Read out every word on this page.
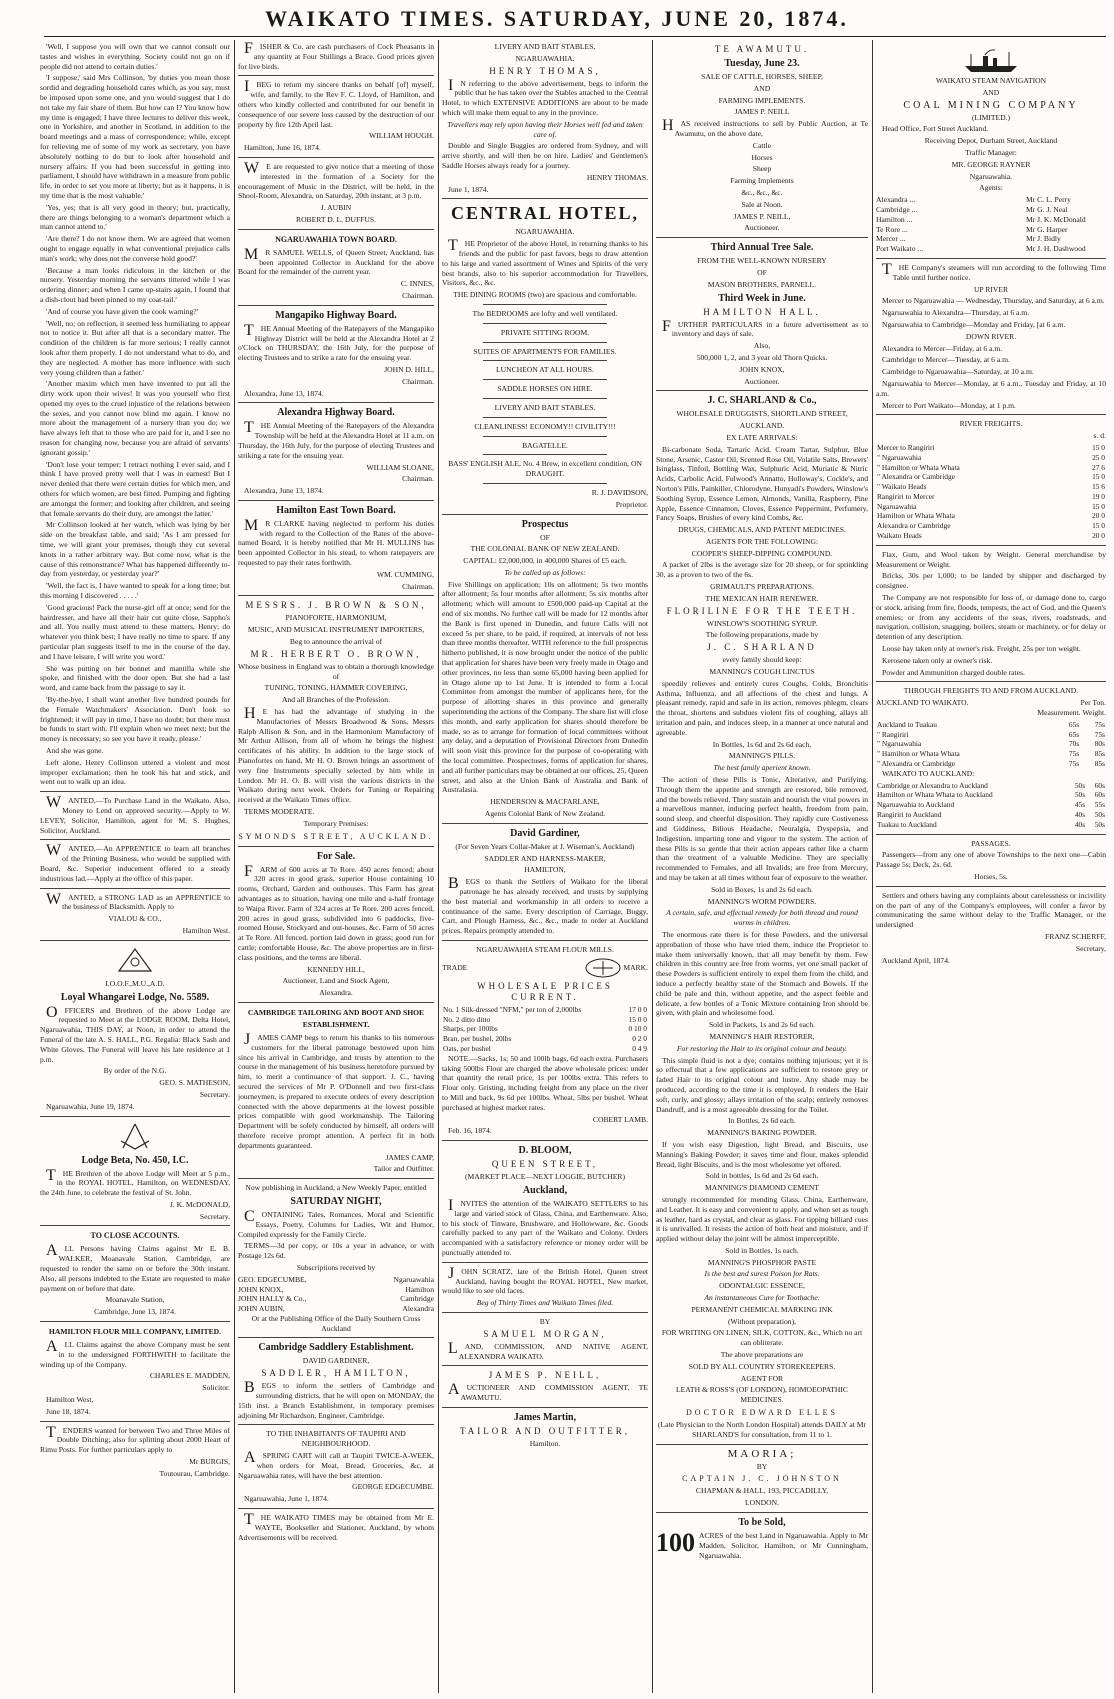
WAIKATO TIMES. SATURDAY, JUNE 20, 1874.

'Well, I suppose you will own that we cannot consult our tastes and wishes in everything. Society could not go on if people did not attend to certain duties.'

'I suppose,' said Mrs Collinson, 'by duties you mean those sordid and degrading household cares which, as you say, must be imposed upon some one, and you would suggest that I do not take my fair share of them. But how can I? You know how my time is engaged; I have three lectures to deliver this week, one in Yorkshire, and another in Scotland, in addition to the board meetings and a mass of correspondence; while, except for relieving me of some of my work as secretary, you have absolutely nothing to do but to look after household and nursery affairs. If you had been successful in getting into parliament, I should have withdrawn in a measure from public life, in order to set you more at liberty; but as it happens, it is my time that is the most valuable.'

'Yes, yes; that is all very good in theory; but, practically, there are things belonging to a woman's department which a man cannot attend to.'

'Are there? I do not know them. We are agreed that women ought to engage equally in what conventional prejudice calls man's work; why does not the converse hold good?'

'Because a man looks ridiculous in the kitchen or the nursery. Yesterday morning the servants tittered while I was ordering dinner; and when I came up-stairs again, I found that a dish-clout had been pinned to my coat-tail.'

'And of course you have given the cook warning?'

'Well, no; on reflection, it seemed less humiliating to appear not to notice it. But after all that is a secondary matter. The condition of the children is far more serious; I really cannot look after them properly. I do not understand what to do, and they are neglected. A mother has more influence with such very young children than a father.'

'Another maxim which men have invented to put all the dirty work upon their wives! It was you yourself who first opened my eyes to the cruel injustice of the relations between the sexes, and you cannot now blind me again. I know no more about the management of a nursery than you do; we have always left that to those who are paid for it, and I see no reason for changing now, because you are afraid of servants' ignorant gossip.'

'Don't lose your temper; I retract nothing I ever said, and I think I have proved pretty well that I was in earnest! But I never denied that there were certain duties for which men, and others for which women, are best fitted. Pumping and fighting are amongst the former; and looking after children, and seeing that female servants do their duty, are amongst the latter.'

Mr Collinson looked at her watch, which was lying by her side on the breakfast table, and said; 'As I am pressed for time, we will grant your premises, though they cut several knots in a rather arbitrary way. But come now, what is the cause of this remonstrance? What has happened differently to-day from yesterday, or yesterday year?'

'Well, the fact is, I have wanted to speak for a long time; but this morning I discovered . . . . .'

'Good gracious! Pack the nurse-girl off at once; send for the hairdresser, and have all their hair cut quite close, Sappho's and all. You really must attend to these matters, Henry; do whatever you think best; I have really no time to spare. If any particular plan suggests itself to me in the course of the day, and I have leisure, I will write you word.'

She was putting on her bonnet and mantilla while she spoke, and finished with the door open. But she had a last word, and came back from the passage to say it.

'By-the-bye, I shall want another five hundred pounds for the Female Watchmakers' Association. Don't look so frightened; it will pay in time, I have no doubt; but there must be funds to start with. I'll explain when we meet next; but the money is necessary; so see you have it ready, please.'

And she was gone.

Left alone, Henry Collinson uttered a violent and most improper exclamation; then he took his hat and stick, and went out to walk up an idea.

WANTED,—To Purchase Land in the Waikato. Also, Money to Lend on approved security.—Apply to W. LEVEY, Solicitor, Hamilton, agent for M. S. Hughes, Solicitor, Auckland.

WANTED,—An APPRENTICE to learn all branches of the Printing Business, who would be supplied with Board, &c. Superior inducement offered to a steady industrious lad.—Apply at the office of this paper.

WANTED, a STRONG LAD as an APPRENTICE to the business of Blacksmith. Apply to

VIALOU & CO.,

Hamilton West.

I.O.O.F.,M.U.,A.D.

Loyal Whangarei Lodge, No. 5589.

OFFICERS and Brethren of the above Lodge are requested to Meet at the LODGE ROOM, Delta Hotel, Ngaruawahia, THIS DAY, at Noon, in order to attend the Funeral of the late A. S. HALL, P.G. Regalia: Black Sash and White Gloves. The Funeral will leave his late residence at 1 p.m.

By order of the N.G.

GEO. S. MATHESON,

Secretary.

Ngaruawahia, June 19, 1874.

Lodge Beta, No. 450, I.C.

THE Brethren of the above Lodge will Meet at 5 p.m., in the ROYAL HOTEL, Hamilton, on WEDNESDAY, the 24th June, to celebrate the festival of St. John.

J. K. McDONALD,

Secretary.

TO CLOSE ACCOUNTS.

ALL Persons having Claims against Mr E. B. WALKER, Moanavale Station, Cambridge, are requested to render the same on or before the 30th instant. Also, all persons indebted to the Estate are requested to make payment on or before that date.

Moanavale Station,

Cambridge, June 13, 1874.

HAMILTON FLOUR MILL COMPANY, LIMITED.

ALL Claims against the above Company must be sent in to the undersigned FORTHWITH to facilitate the winding up of the Company.

CHARLES E. MADDEN,

Solicitor.

Hamilton West,

June 18, 1874.

TENDERS wanted for between Two and Three Miles of Double Ditching; also for splitting about 2000 Heart of Rimu Posts. For further particulars apply to

Mr BURGIS,

Toutourau, Cambridge.

FISHER & Co. are cash purchasers of Cock Pheasants in any quantity at Four Shillings a Brace. Good prices given for live birds.

IBEG to return my sincere thanks on behalf [of] myself, wife, and family, to the Rev F. C. Lloyd, of Hamilton, and others who kindly collected and contributed for our benefit in consequence of our severe loss caused by the destruction of our property by fire 12th April last.

WILLIAM HOUGH.

Hamilton, June 16, 1874.

WE are requested to give notice that a meeting of those interested in the formation of a Society for the encouragement of Music in the District, will be held, in the Shool-Room, Alexandra, on Saturday, 20th instant, at 3 p.m.

J. AUBIN

ROBERT D. L. DUFFUS.

NGARUAWAHIA TOWN BOARD.

MR SAMUEL WELLS, of Queen Street, Auckland, has been appointed Collector in Auckland for the above Board for the remainder of the current year.

C. INNES,

Chairman.

Mangapiko Highway Board.

THE Annual Meeting of the Ratepayers of the Mangapiko Highway District will be held at the Alexandra Hotel at 2 o'Clock on THURSDAY, the 16th July, for the purpose of electing Trustees and to strike a rate for the ensuing year.

JOHN D. HILL,

Chairman.

Alexandra, June 13, 1874.

Alexandra Highway Board.

THE Annual Meeting of the Ratepayers of the Alexandra Township will be held at the Alexandra Hotel at 11 a.m. on Thursday, the 16th July, for the purpose of electing Trustees and striking a rate for the ensuing year.

WILLIAM SLOANE,

Chairman.

Alexandra, June 13, 1874.

Hamilton East Town Board.

MR CLARKE having neglected to perform his duties with regard to the Collection of the Rates of the above-named Board, it is hereby notified that Mr H. MULLINS has been appointed Collector in his stead, to whom ratepayers are requested to pay their rates forthwith.

WM. CUMMING,

Chairman.

MESSRS. J. BROWN & SON,

PIANOFORTE, HARMONIUM,

MUSIC, AND MUSICAL INSTRUMENT IMPORTERS,

Beg to announce the arrival of

MR. HERBERT O. BROWN,

Whose business in England was to obtain a thorough knowledge of

TUNING, TONING, HAMMER COVERING,

And all Branches of the Profession.

HE has had the advantage of studying in the Manufactories of Messrs Broadwood & Sons, Messrs Ralph Allison & Son, and in the Harmonium Manufactory of Mr Arthur Allison, from all of whom he brings the highest certificates of his ability. In addition to the large stock of Pianofortes on hand, Mr H. O. Brown brings an assortment of very fine Instruments specially selected by him while in London. Mr H. O. B. will visit the various districts in the Waikato during next week. Orders for Tuning or Repairing received at the Waikato Times office.

TERMS MODERATE.

Temporary Premises:

SYMONDS STREET, AUCKLAND.
For Sale.

FARM of 600 acres at Te Rore. 450 acres fenced; about 320 acres in good grass, superior House containing 10 rooms, Orchard, Garden and outhouses. This Farm has great advantages as to situation, having one mile and a-half frontage to Waipa River. Farm of 324 acres at Te Rore. 200 acres fenced, 200 acres in good grass, subdivided into 6 paddocks, five-roomed House, Stockyard and out-houses, &c. Farm of 50 acres at Te Rore. All fenced, portion laid down in grass; good run for cattle; comfortable House, &c. The above properties are in first-class positions, and the terms are liberal.

KENNEDY HILL,

Auctioneer, Land and Stock Agent,

Alexandra.

CAMBRIDGE TAILORING AND BOOT AND SHOE ESTABLISHMENT.

JAMES CAMP begs to return his thanks to his numerous customers for the liberal patronage bestowed upon him since his arrival in Cambridge, and trusts by attention to the course in the management of his business heretofore pursued by him, to merit a continuance of that support. J. C., having secured the services of Mr P. O'Donnell and two first-class journeymen, is prepared to execute orders of every description connected with the above departments at the lowest possible prices compatible with good workmanship. The Tailoring Department will be solely conducted by himself, all orders will therefore receive prompt attention. A perfect fit in both departments guaranteed.

JAMES CAMP,

Tailor and Outfitter.

Now publishing in Auckland, a New Weekly Paper, entitled

SATURDAY NIGHT,

CONTAINING Tales, Romances, Moral and Scientific Essays, Poetry, Columns for Ladies, Wit and Humor, Compiled expressly for the Family Circle.

TERMS—3d per copy, or 10s a year in advance, or with Postage 12s 6d.

Subscriptions received by

GEO. EDGECUMBE,	Ngaruawahia
JOHN KNOX,	Hamilton
JOHN HALLY & Co.,	Cambridge
JOHN AUBIN,	Alexandra

Or at the Publishing Office of the Daily Southern Cross Auckland

Cambridge Saddlery Establishment.

DAVID GARDINER,

SADDLER, HAMILTON,

BEGS to inform the settlers of Cambridge and surrounding districts, that he will open on MONDAY, the 15th inst. a Branch Establishment, in temporary premises adjoining Mr Richardson, Engineer, Cambridge.

TO THE INHABITANTS OF TAUPIRI AND NEIGHBOURHOOD.

ASPRING CART will call at Taupiri TWICE-A-WEEK, when orders for Meat, Bread, Groceries, &c, at Ngaruawahia rates, will have the best attention.

GEORGE EDGECUMBE.

Ngaruawahia, June 1, 1874.

THE WAIKATO TIMES may be obtained from Mr E. WAYTE, Bookseller and Stationer, Auckland, by whom Advertisements will be received.

LIVERY AND BAIT STABLES,

NGARUAWAHIA.

HENRY THOMAS,

IN referring to the above advertisement, begs to inform the public that he has taken over the Stables attached to the Central Hotel, to which EXTENSIVE ADDITIONS are about to be made which will make them equal to any in the province.

Travellers may rely upon having their Horses well fed and taken care of.

Double and Single Buggies are ordered from Sydney, and will arrive shortly, and will then be on hire. Ladies' and Gentlemen's Saddle Horses always ready for a journey.

HENRY THOMAS.

June 1, 1874.

CENTRAL HOTEL,

NGARUAWAHIA.

THE Proprietor of the above Hotel, in returning thanks to his friends and the public for past favors, begs to draw attention to his large and varied assortment of Wines and Spirits of the very best brands, also to his superior accommodation for Travellers, Visitors, &c., &c.

THE DINING ROOMS (two) are spacious and comfortable.

The BEDROOMS are lofty and well ventilated.

PRIVATE SITTING ROOM.

SUITES OF APARTMENTS FOR FAMILIES.

LUNCHEON AT ALL HOURS.

SADDLE HORSES ON HIRE.

LIVERY AND BAIT STABLES.

CLEANLINESS! ECONOMY!! CIVILITY!!!

BAGATELLE.

BASS' ENGLISH ALE, No. 4 Brew, in excellent condition, ON DRAUGHT.

R. J. DAVIDSON,

Proprietor.

Prospectus

OF

THE COLONIAL BANK OF NEW ZEALAND.

CAPITAL: £2,000,000, in 400,000 Shares of £5 each.

To be called up as follows:

Five Shillings on application; 10s on allotment; 5s two months after allotment; 5s four months after allotment; 5s six months after allotment; which will amount to £500,000 paid-up Capital at the end of six months. No further call will be made for 12 months after the Bank is first opened in Dunedin, and future Calls will not exceed 5s per share, to be paid, if required, at intervals of not less than three months thereafter. WITH reference to the full prospectus hitherto published, it is now brought under the notice of the public that application for shares have been very freely made in Otago and other provinces, no less than some 65,000 having been applied for in Otago alone up to 1st June. It is intended to form a Local Committee from amongst the number of applicants here, for the purpose of allotting shares in this province and generally superintending the actions of the Company. The share list will close this month, and early application for shares should therefore be made, so as to arrange for formation of local committees without any delay, and a deputation of Provisional Directors from Dunedin will soon visit this province for the purpose of co-operating with the local committee. Prospectuses, forms of application for shares, and all further particulars may be obtained at our offices, 25, Queen street, and also at the Union Bank of Australia and Bank of Australasia.

HENDERSON & MACFARLANE,

Agents Colonial Bank of New Zealand.

David Gardiner,

(For Seven Years Collar-Maker at J. Wiseman's, Auckland)

SADDLER AND HARNESS-MAKER,

HAMILTON,

BEGS to thank the Settlers of Waikato for the liberal patronage he has already received, and trusts by supplying the best material and workmanship in all orders to receive a continuance of the same. Every description of Carriage, Buggy, Cart, and Plough Harness, &c., &c., made to order at Auckland prices. Repairs promptly attended to.

NGARUAWAHIA STEAM FLOUR MILLS.

TRADE	MARK.
WHOLESALE PRICES CURRENT.
No. 1 Silk-dressed "NFM," per ton of 2,000lbs	17 0 0
No. 2 ditto ditto	15 0 0
Sharps, per 100lbs	0 10 0
Bran, per bushel, 20lbs	0 2 0
Oats, per bushel	0 4 9

NOTE.—Sacks, 1s; 50 and 100lb bags, 6d each extra. Purchasers taking 500lbs Flour are charged the above wholesale prices: under that quantity the retail price, 1s per 100lbs extra. This refers to Flour only. Gristing, including freight from any place on the river to Mill and back, 9s 6d per 100lbs. Wheat, 5lbs per bushel. Wheat purchased at highest market rates.

COBERT LAMB.

Feb. 16, 1874.

D. BLOOM,
QUEEN STREET,

(MARKET PLACE—NEXT LOGGIE, BUTCHER)

Auckland,

INVITES the attention of the WAIKATO SETTLERS to his large and varied stock of Glass, China, and Earthenware. Also, to his stock of Tinware, Brushware, and Hollowware, &c. Goods carefully packed to any part of the Waikato and Colony. Orders accompanied with a satisfactory reference or money order will be punctually attended to.

JOHN SCRATZ, late of the British Hotel, Queen street Auckland, having bought the ROYAL HOTEL, New market, would like to see old faces.

Beg of Thirty Times and Waikato Times filed.

BY

SAMUEL MORGAN,

LAND, COMMISSION, AND NATIVE AGENT, ALEXANDRA WAIKATO.

JAMES P. NEILL,

AUCTIONEER AND COMMISSION AGENT, TE AWAMUTU.

James Martin,
TAILOR AND OUTFITTER,

Hamilton.

TE AWAMUTU.
Tuesday, June 23.

SALE OF CATTLE, HORSES, SHEEP,

AND

FARMING IMPLEMENTS.

JAMES P. NEILL

HAS received instructions to sell by Public Auction, at Te Awamutu, on the above date,

Cattle

Horses

Sheep

Farming Implements

&c., &c., &c.

Sale at Noon.

JAMES P. NEILL,

Auctioneer.

Third Annual Tree Sale.

FROM THE WELL-KNOWN NURSERY

OF

MASON BROTHERS, PARNELL.

Third Week in June.
HAMILTON HALL.

FURTHER PARTICULARS in a future advertisement as to inventory and days of sale.

Also,

500,000 1, 2, and 3 year old Thorn Quicks.

JOHN KNOX,

Auctioneer.

J. C. SHARLAND & Co.,

WHOLESALE DRUGGISTS, SHORTLAND STREET,

AUCKLAND.

EX LATE ARRIVALS:

Bi-carbonate Soda, Tartaric Acid, Cream Tartar, Sulphur, Blue Stone, Arsenic, Castor Oil, Scented Rose Oil, Volatile Salts, Brewers' Isinglass, Tinfoil, Bottling Wax, Sulphuric Acid, Muriatic & Nitric Acids, Carbolic Acid, Fulwood's Annatto, Holloway's, Cockle's, and Norton's Pills, Painkiller, Chlorodyne, Hunyadi's Powders, Winslow's Soothing Syrup, Essence Lemon, Almonds, Vanilla, Raspberry, Pine Apple, Essence Cinnamon, Cloves, Essence Peppermint, Perfumery, Fancy Soaps, Brushes of every kind Combs, &c.

DRUGS, CHEMICALS, AND PATENT MEDICINES.

AGENTS FOR THE FOLLOWING:

COOPER'S SHEEP-DIPPING COMPOUND.

A packet of 2lbs is the average size for 20 sheep, or for sprinkling 30, as a proven to two of the 6s.

GRIMAULT'S PREPARATIONS.

THE MEXICAN HAIR RENEWER.

FLORILINE FOR THE TEETH.

WINSLOW'S SOOTHING SYRUP.

The following preparations, made by

J. C. SHARLAND

every family should keep:

MANNING'S COUGH LINCTUS

speedily relieves and entirely cures Coughs, Colds, Bronchitis Asthma, Influenza, and all affections of the chest and lungs. A pleasant remedy, rapid and safe in its action, removes phlegm, clears the throat, shortens and subdues violent fits of coughing, allays all irritation and pain, and induces sleep, in a manner at once natural and agreeable.

In Bottles, 1s 6d and 2s 6d each.

MANNING'S PILLS.

The best family aperient known.

The action of these Pills is Tonic, Alterative, and Purifying. Through them the appetite and strength are restored, bile removed, and the bowels relieved. They sustain and nourish the vital powers in a marvellous manner, inducing perfect health, freedom from pain, sound sleep, and cheerful disposition. They rapidly cure Costiveness and Giddiness, Bilious Headache, Neuralgia, Dyspepsia, and Indigestion, imparting tone and vigour to the system. The action of these Pills is so gentle that their action appears rather like a charm than the treatment of a valuable Medicine. They are specially recommended to Females, and all Invalids; are free from Mercury, and may be taken at all times without fear of exposure to the weather.

Sold in Boxes, 1s and 2s 6d each.

MANNING'S WORM POWDERS.

A certain, safe, and effectual remedy for both thread and round worms in children.

The enormous rate there is for these Powders, and the universal approbation of those who have tried them, induce the Proprietor to make them universally known, that all may benefit by them. Few children in this country are free from worms, yet one small packet of these Powders is sufficient entirely to expel them from the child, and induce a perfectly healthy state of the Stomach and Bowels. If the child be pale and thin, without appetite, and the aspect feeble and delicate, a few bottles of a Tonic Mixture containing Iron should be given, with plain and wholesome food.

Sold in Packets, 1s and 2s 6d each.

MANNING'S HAIR RESTORER,

For restoring the Hair to its original colour and beauty.

This simple fluid is not a dye; contains nothing injurious; yet it is so effectual that a few applications are sufficient to restore grey or faded Hair to its original colour and lustre. Any shade may be produced, according to the time it is employed. It renders the Hair soft, curly, and glossy; allays irritation of the scalp; entirely removes Dandruff, and is a most agreeable dressing for the Toilet.

In Bottles, 2s 6d each.

MANNING'S BAKING POWDER.

If you wish easy Digestion, light Bread, and Biscuits, use Manning's Baking Powder; it saves time and flour, makes splendid Bread, light Biscuits, and is the most wholesome yet offered.

Sold in bottles, 1s 6d and 2s 6d each.

MANNING'S DIAMOND CEMENT

strongly recommended for mending Glass, China, Earthenware, and Leather. It is easy and convenient to apply, and when set as tough as leather, hard as crystal, and clear as glass. For tipping billiard cues it is unrivalled. It resists the action of both heat and moisture, and if applied without delay the joint will be almost imperceptible.

Sold in Bottles, 1s each.

MANNING'S PHOSPHOR PASTE

Is the best and surest Poison for Rats.

ODONTALGIC ESSENCE,

An instantaneous Cure for Toothache.

PERMANENT CHEMICAL MARKING INK

(Without preparation),

FOR WRITING ON LINEN, SILK, COTTON, &c., Which no art can obliterate.

The above preparations are

SOLD BY ALL COUNTRY STOREKEEPERS.

AGENT FOR

LEATH & ROSS'S (OF LONDON), HOMOEOPATHIC MEDICINES.

DOCTOR EDWARD ELLES

(Late Physician to the North London Hospital) attends DAILY at Mr SHARLAND'S for consultation, from 11 to 1.

MAORIA;

BY

CAPTAIN J. C. JOHNSTON

CHAPMAN & HALL, 193, PICCADILLY,

LONDON.

To be Sold,

100 ACRES of the best Land in Ngaruawahia. Apply to Mr Madden, Solicitor, Hamilton, or Mr Cunningham, Ngaruawahia.

WAIKATO STEAM NAVIGATION

AND

COAL MINING COMPANY

(LIMITED.)

Head Office, Fort Street Auckland.

Receiving Depot, Durham Street, Auckland

Traffic Manager:

MR. GEORGE RAYNER

Ngaruawahia.

Agents:

Alexandra ...	Mr C. L. Perry
Cambridge ...	Mr G. J. Neal
Hamilton ...	Mr J. K. McDonald
Te Rore ...	Mr G. Harper
Mercer ...	Mr J. Bidly
Port Waikato ...	Mr J. H. Dashwood

THE Company's steamers will run according to the following Time Table until further notice.

UP RIVER

Mercer to Ngaruawahia — Wednesday, Thursday, and Saturday, at 6 a.m.

Ngaruawahia to Alexandra—Thursday, at 6 a.m.

Ngaruawahia to Cambridge—Monday and Friday, [at 6 a.m.

DOWN RIVER.

Alexandra to Mercer—Friday, at 6 a.m.

Cambridge to Mercer—Tuesday, at 6 a.m.

Cambridge to Ngaruawahia—Saturday, at 10 a.m.

Ngaruawahia to Mercer—Monday, at 6 a.m., Tuesday and Friday, at 10 a.m.

Mercer to Port Waikato—Monday, at 1 p.m.

RIVER FREIGHTS.

s. d.

Mercer to Rangiriri	15 0
" Ngaruawahia	25 0
" Hamilton or Whata Whata	27 6
" Alexandra or Cambridge	15 0
" Waikato Heads	15 6
Rangiriri to Mercer	19 0
Ngaruawahia	15 0
Hamilton or Whata Whata	20 0
Alexandra or Cambridge	15 0
Waikato Heads	20 0

Flax, Gum, and Wool taken by Weight. General merchandise by Measurement or Weight.

Bricks, 30s per 1,000; to be landed by shipper and discharged by consignee.

The Company are not responsible for loss of, or damage done to, cargo or stock, arising from fire, floods, tempests, the act of God, and the Queen's enemies; or from any accidents of the seas, rivers, roadsteads, and navigation, collision, snagging, boilers, steam or machinery, or for delay or detention of any description.

Loose hay taken only at owner's risk. Freight, 25s per ton weight.

Kerosene taken only at owner's risk.

Powder and Ammunition charged double rates.

THROUGH FREIGHTS TO AND FROM AUCKLAND.

AUCKLAND TO WAIKATO.	Per Ton.

Measurement. Weight.

Auckland to Tuakau	65s	75s
" Rangiriri	65s	75s
" Ngaruawahia	70s	80s
" Hamilton or Whata Whata	75s	85s
" Alexandra or Cambridge	75s	85s

WAIKATO TO AUCKLAND:

Cambridge or Alexandra to Auckland	50s	60s
Hamilton or Whata Whata to Auckland	50s	60s
Ngaruawahia to Auckland	45s	55s
Rangiriri to Auckland	40s	50s
Tuakau to Auckland	40s	50s

PASSAGES.

Passengers—from any one of above Townships to the next one—Cabin Passage 5s; Deck, 2s. 6d.

Horses, 5s.

Settlers and others having any complaints about carelessness or incivility on the part of any of the Company's employees, will confer a favor by communicating the same without delay to the Traffic Manager, or the undersigned

FRANZ SCHERFF,

Secretary,

Auckland April, 1874.
